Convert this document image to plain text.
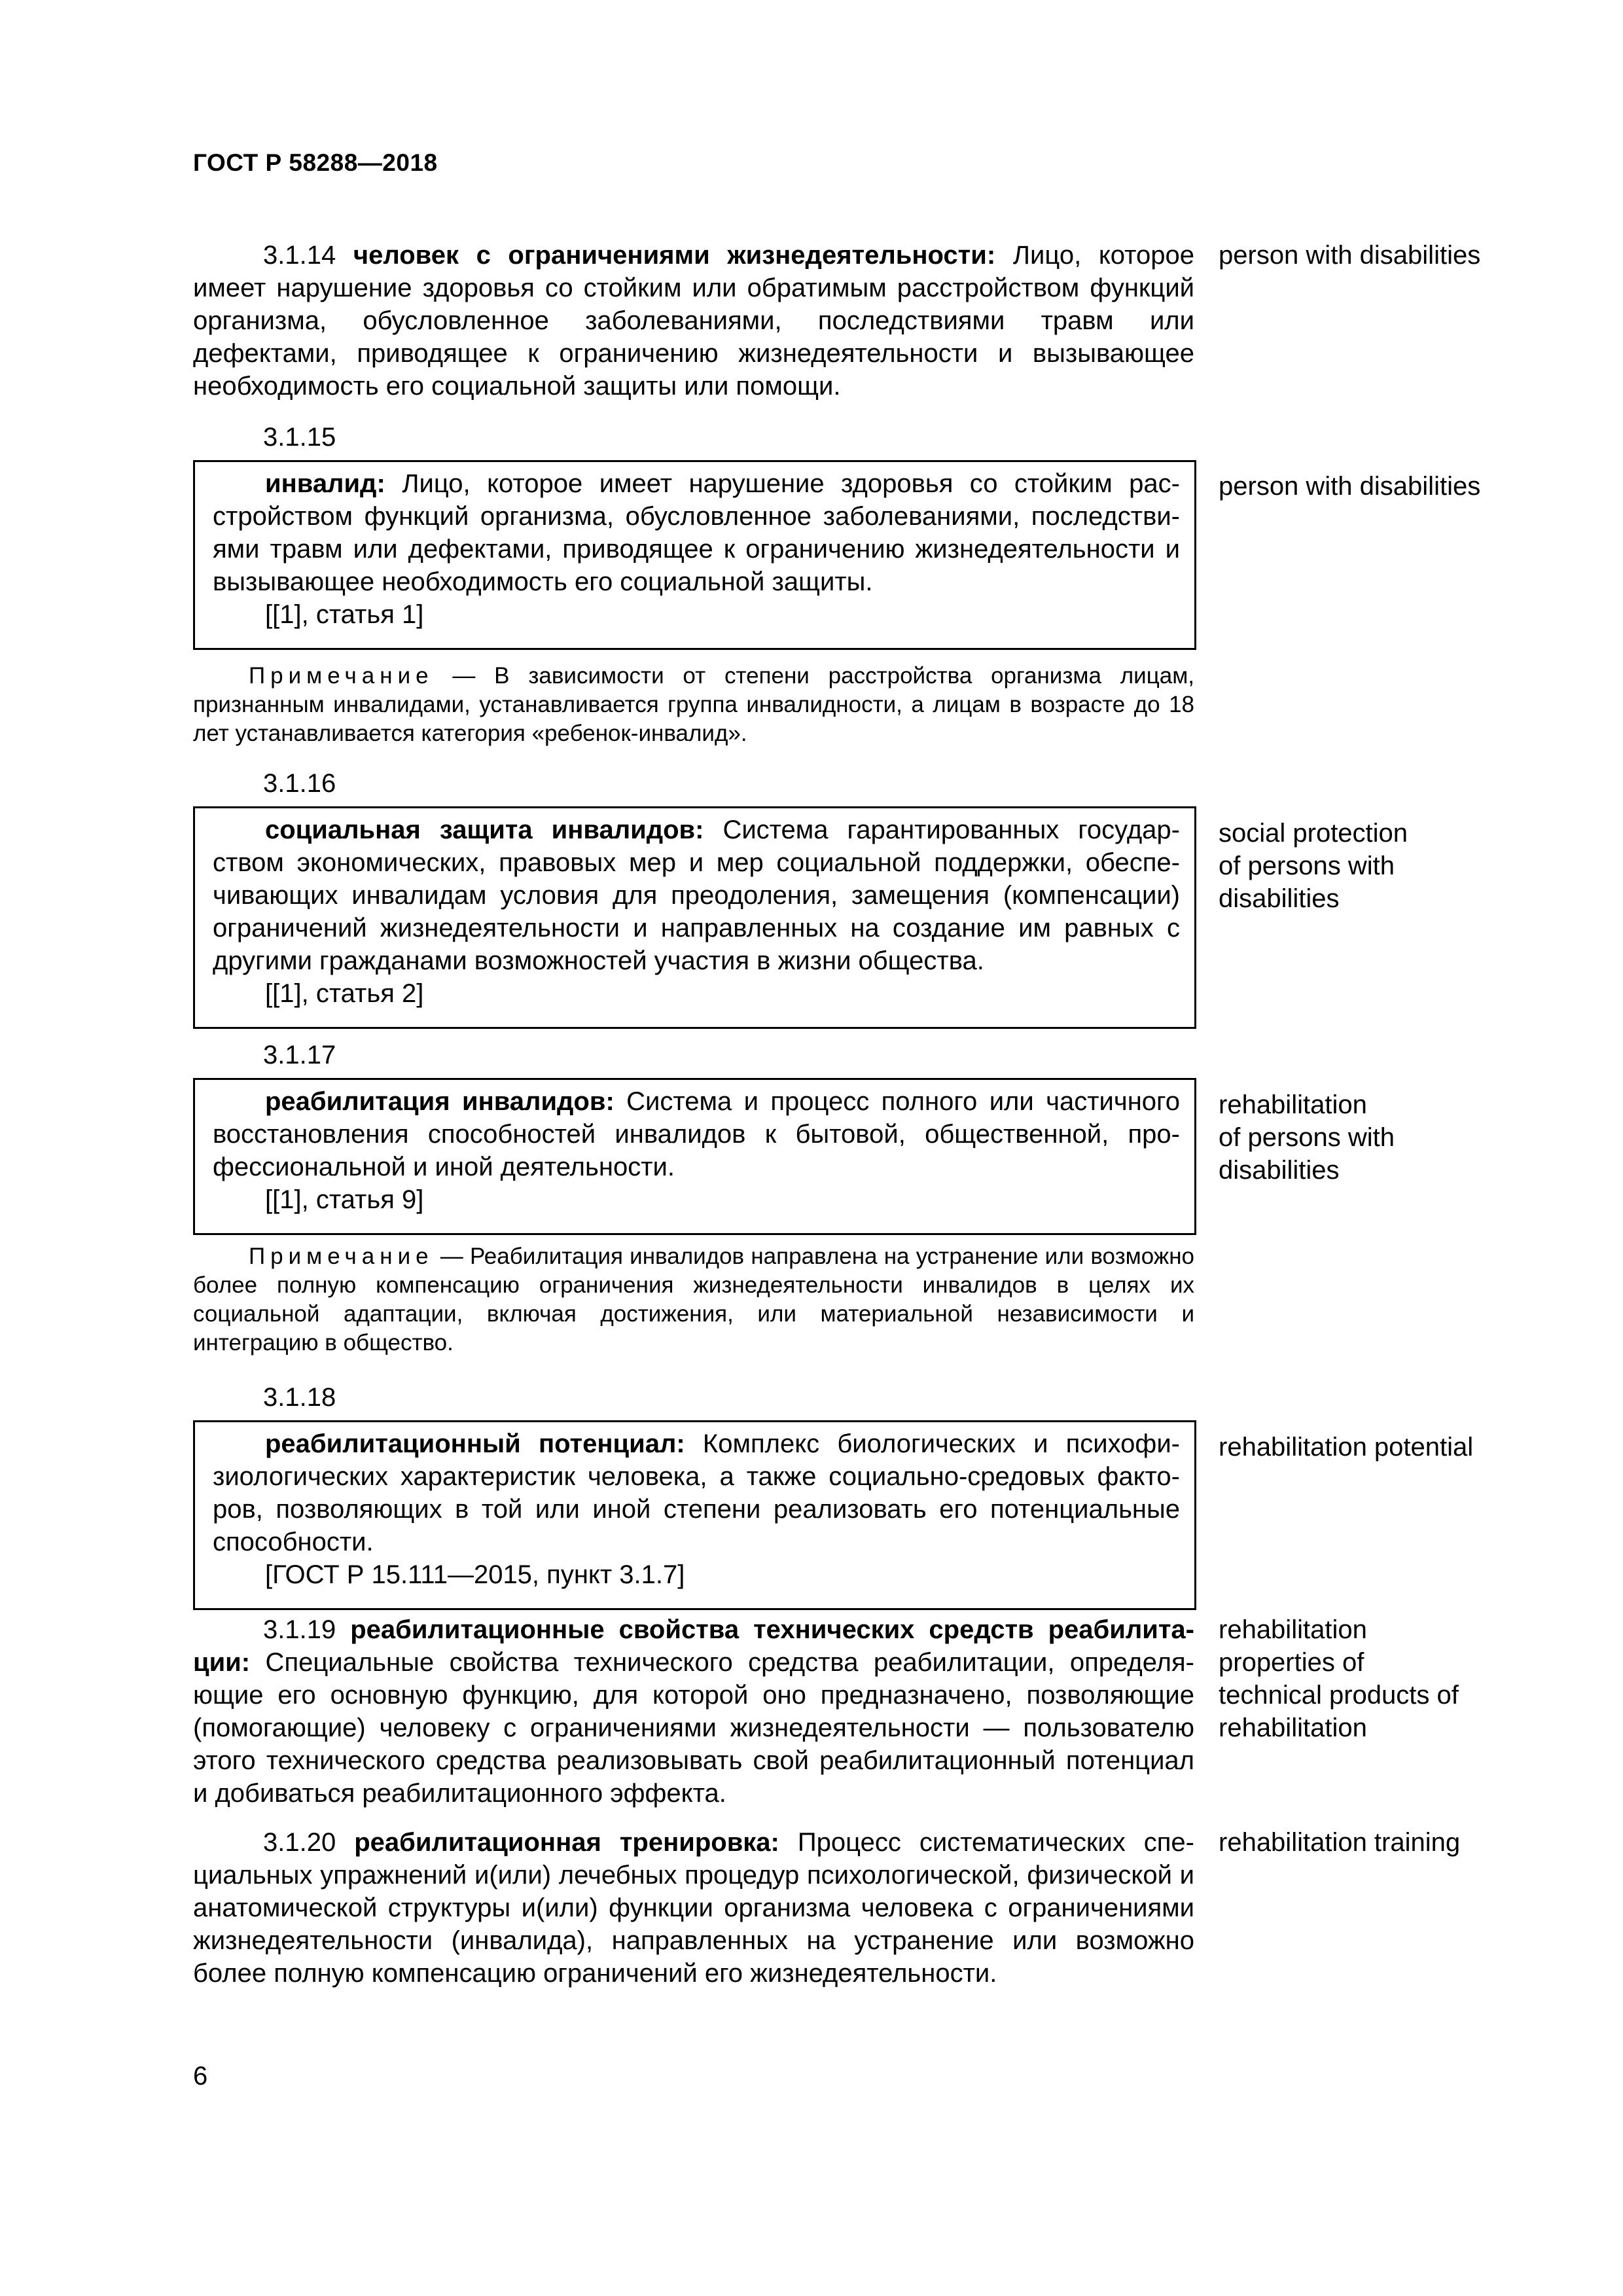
ГОСТ Р 58288—2018
3.1.14 человек с ограничениями жизнедеятельности: Лицо, которое имеет нарушение здоровья со стойким или обратимым расстройством функций организма, обусловленное заболеваниями, последствиями травм или дефектами, приводящее к ограничению жизнедеятельности и вызывающее необходимость его социальной защиты или помощи.
person with disabilities
3.1.15
инвалид: Лицо, которое имеет нарушение здоровья со стойким расстройством функций организма, обусловленное заболеваниями, последствиями травм или дефектами, приводящее к ограничению жизнедеятельности и вызывающее необходимость его социальной защиты.
[[1], статья 1]
person with disabilities
Примечание — В зависимости от степени расстройства организма лицам, признанным инвалидами, устанавливается группа инвалидности, а лицам в возрасте до 18 лет устанавливается категория «ребенок-инвалид».
3.1.16
социальная защита инвалидов: Система гарантированных государством экономических, правовых мер и мер социальной поддержки, обеспечивающих инвалидам условия для преодоления, замещения (компенсации) ограничений жизнедеятельности и направленных на создание им равных с другими гражданами возможностей участия в жизни общества.
[[1], статья 2]
social protection
of persons with
disabilities
3.1.17
реабилитация инвалидов: Система и процесс полного или частичного восстановления способностей инвалидов к бытовой, общественной, профессиональной и иной деятельности.
[[1], статья 9]
rehabilitation
of persons with
disabilities
Примечание — Реабилитация инвалидов направлена на устранение или возможно более полную компенсацию ограничения жизнедеятельности инвалидов в целях их социальной адаптации, включая достижения, или материальной независимости и интеграцию в общество.
3.1.18
реабилитационный потенциал: Комплекс биологических и психофизиологических характеристик человека, а также социально-средовых факторов, позволяющих в той или иной степени реализовать его потенциальные способности.
[ГОСТ Р 15.111—2015, пункт 3.1.7]
rehabilitation potential
3.1.19 реабилитационные свойства технических средств реабилитации: Специальные свойства технического средства реабилитации, определяющие его основную функцию, для которой оно предназначено, позволяющие (помогающие) человеку с ограничениями жизнедеятельности — пользователю этого технического средства реализовывать свой реабилитационный потенциал и добиваться реабилитационного эффекта.
rehabilitation
properties of
technical products of
rehabilitation
3.1.20 реабилитационная тренировка: Процесс систематических специальных упражнений и(или) лечебных процедур психологической, физической и анатомической структуры и(или) функции организма человека с ограничениями жизнедеятельности (инвалида), направленных на устранение или возможно более полную компенсацию ограничений его жизнедеятельности.
rehabilitation training
6
